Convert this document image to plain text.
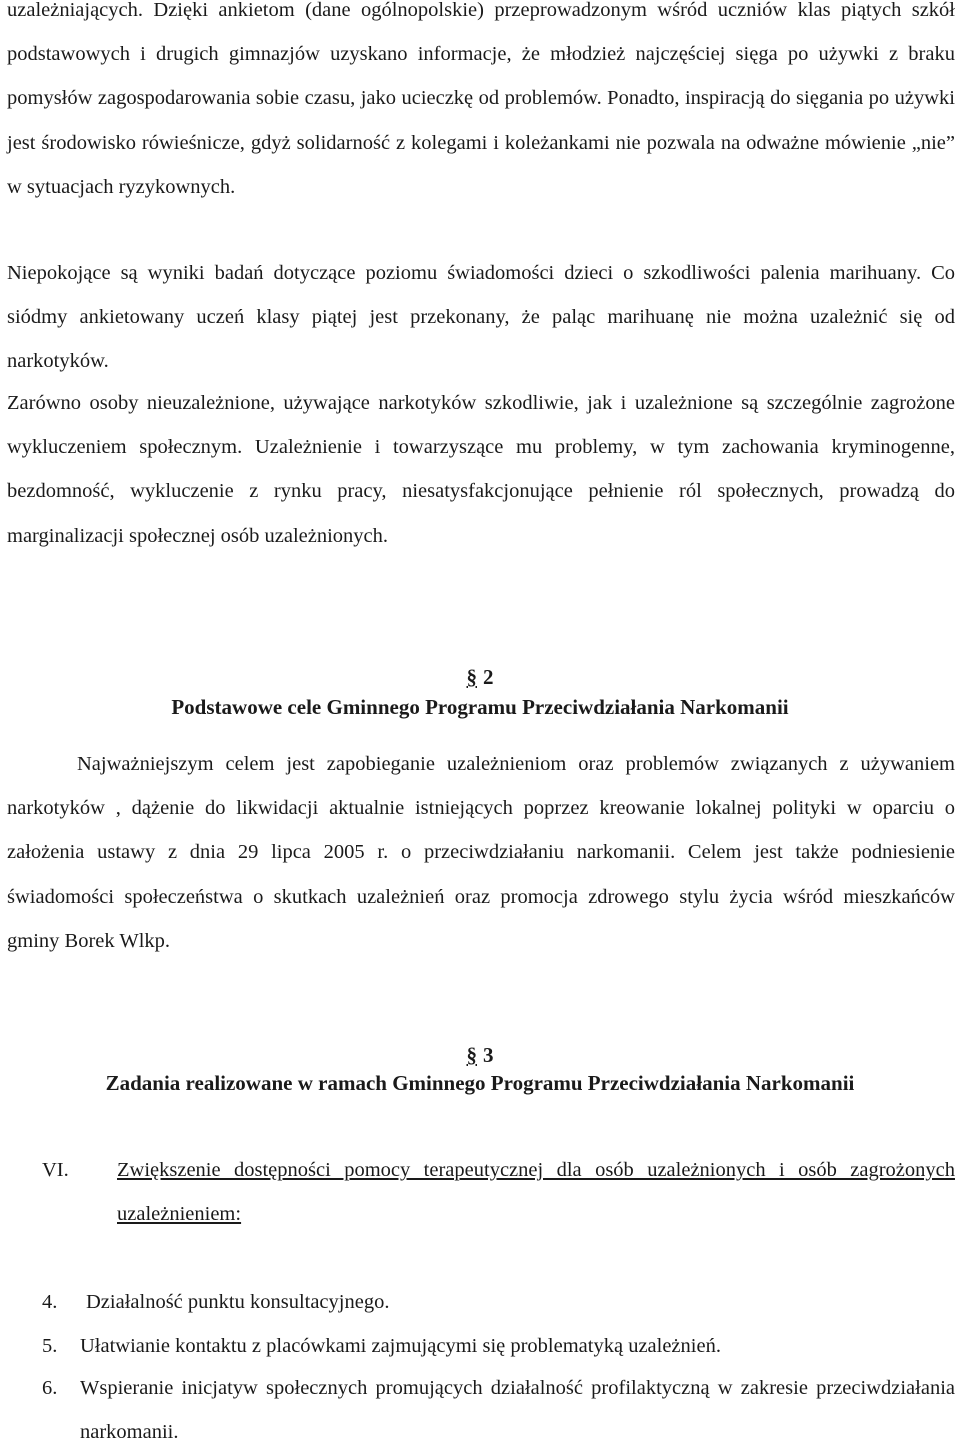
uzależniających. Dzięki ankietom (dane ogólnopolskie) przeprowadzonym wśród uczniów klas piątych szkół podstawowych i drugich gimnazjów uzyskano informacje, że młodzież najczęściej sięga po używki z braku pomysłów zagospodarowania sobie czasu, jako ucieczkę od problemów. Ponadto, inspiracją do sięgania po używki jest środowisko rówieśnicze, gdyż solidarność z kolegami i koleżankami nie pozwala na odważne mówienie „nie” w sytuacjach ryzykownych.

Niepokojące są wyniki badań dotyczące poziomu świadomości dzieci o szkodliwości palenia marihuany. Co siódmy ankietowany uczeń klasy piątej jest przekonany, że paląc marihuanę nie można uzależnić się od narkotyków.

Zarówno osoby nieuzależnione, używające narkotyków szkodliwie, jak i uzależnione są szczególnie zagrożone wykluczeniem społecznym. Uzależnienie i towarzyszące mu problemy, w tym zachowania kryminogenne, bezdomność, wykluczenie z rynku pracy, niesatysfakcjonujące pełnienie ról społecznych, prowadzą do marginalizacji społecznej osób uzależnionych.

§ 2
Podstawowe cele Gminnego Programu Przeciwdziałania Narkomanii

Najważniejszym celem jest zapobieganie uzależnieniom oraz problemów związanych z używaniem narkotyków , dążenie do likwidacji aktualnie istniejących poprzez kreowanie lokalnej polityki w oparciu o założenia ustawy z dnia 29 lipca 2005 r. o przeciwdziałaniu narkomanii. Celem jest także podniesienie świadomości społeczeństwa o skutkach uzależnień oraz promocja zdrowego stylu życia wśród mieszkańców gminy Borek Wlkp.

§ 3
Zadania realizowane w ramach Gminnego Programu Przeciwdziałania Narkomanii
VI. Zwiększenie dostępności pomocy terapeutycznej dla osób uzależnionych i osób zagrożonych uzależnieniem:

4. Działalność punktu konsultacyjnego.

5. Ułatwianie kontaktu z placówkami zajmującymi się problematyką uzależnień.

6. Wspieranie inicjatyw społecznych promujących działalność profilaktyczną w zakresie przeciwdziałania narkomanii.
